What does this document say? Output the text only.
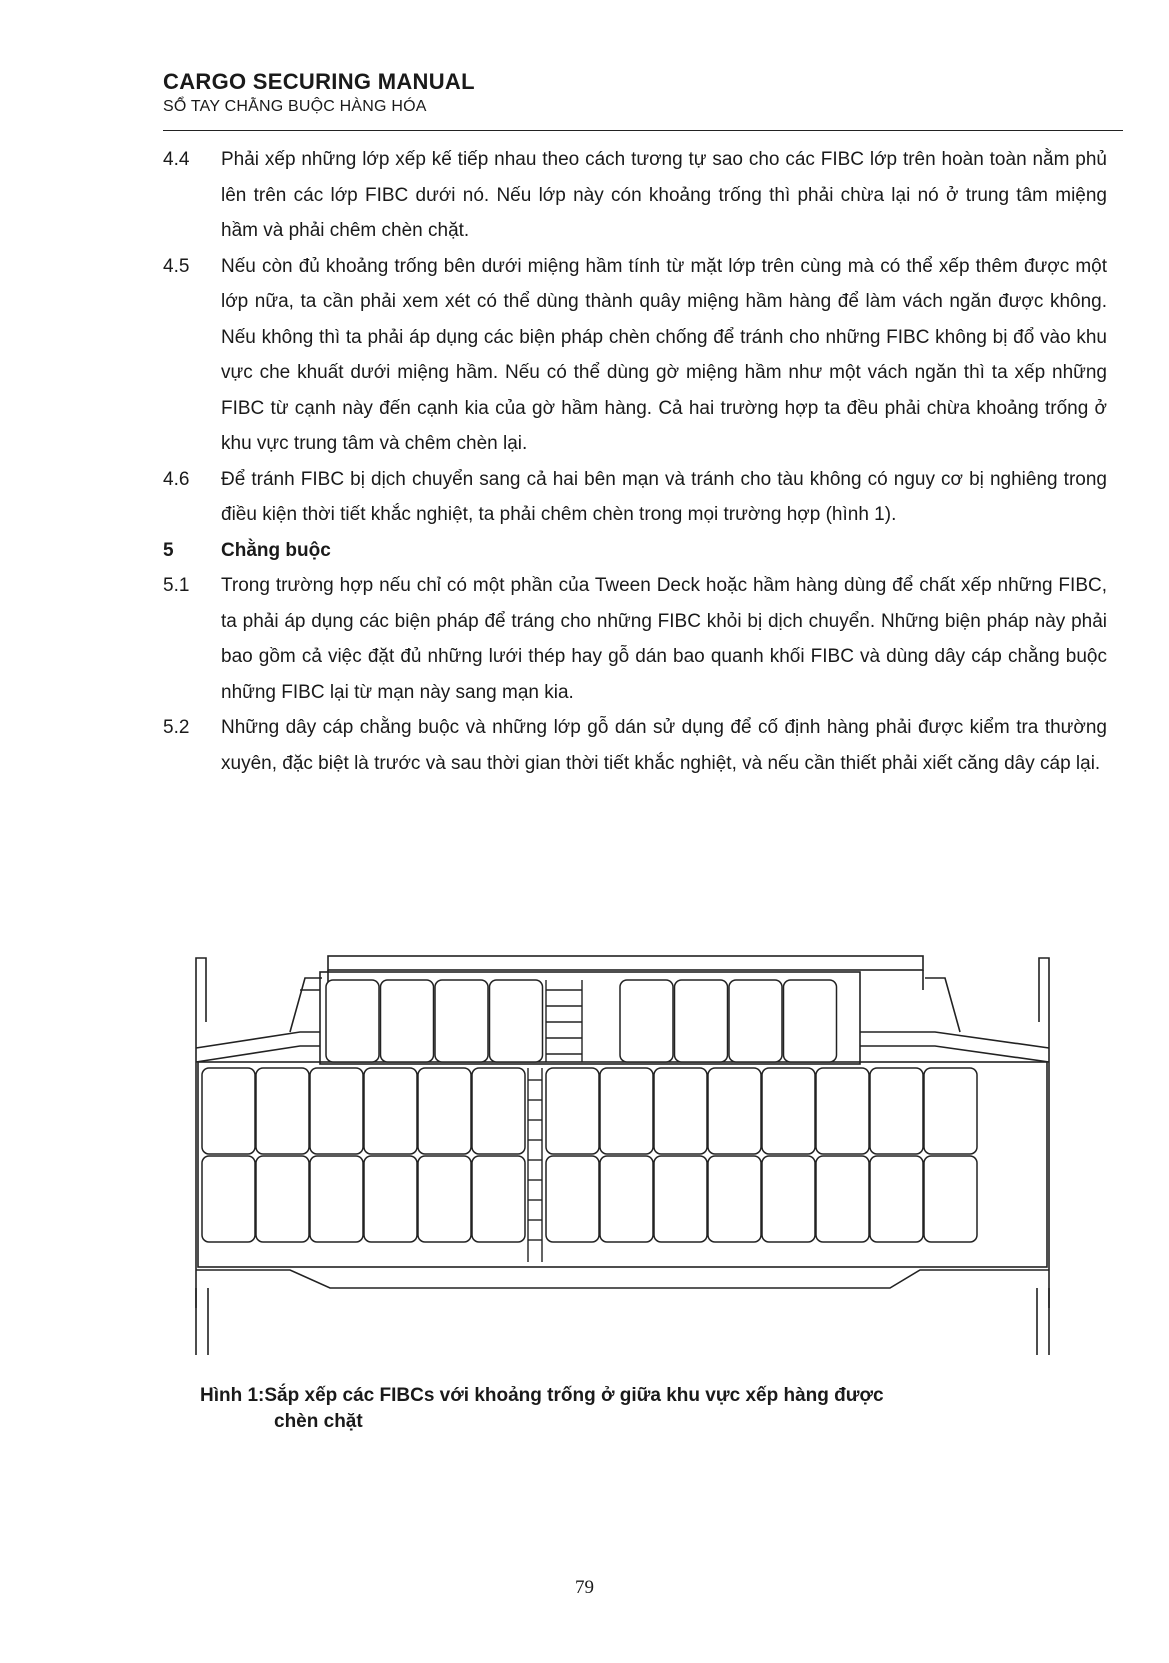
CARGO SECURING MANUAL
SỔ TAY CHẰNG BUỘC HÀNG HÓA

4.4 Phải xếp những lớp xếp kế tiếp nhau theo cách tương tự sao cho các FIBC lớp trên hoàn toàn nằm phủ lên trên các lớp FIBC dưới nó. Nếu lớp này cón khoảng trống thì phải chừa lại nó ở trung tâm miệng hầm và phải chêm chèn chặt.

4.5 Nếu còn đủ khoảng trống bên dưới miệng hầm tính từ mặt lớp trên cùng mà có thể xếp thêm được một lớp nữa, ta cần phải xem xét có thể dùng thành quây miệng hầm hàng để làm vách ngăn được không. Nếu không thì ta phải áp dụng các biện pháp chèn chống để tránh cho những FIBC không bị đổ vào khu vực che khuất dưới miệng hầm. Nếu có thể dùng gờ miệng hầm như một vách ngăn thì ta xếp những FIBC từ cạnh này đến cạnh kia của gờ hầm hàng. Cả hai trường hợp ta đều phải chừa khoảng trống ở khu vực trung tâm và chêm chèn lại.

4.6 Để tránh FIBC bị dịch chuyển sang cả hai bên mạn và tránh cho tàu không có nguy cơ bị nghiêng trong điều kiện thời tiết khắc nghiệt, ta phải chêm chèn trong mọi trường hợp (hình 1).

5 Chằng buộc

5.1 Trong trường hợp nếu chỉ có một phần của Tween Deck hoặc hầm hàng dùng để chất xếp những FIBC, ta phải áp dụng các biện pháp để tráng cho những FIBC khỏi bị dịch chuyển. Những biện pháp này phải bao gồm cả việc đặt đủ những lưới thép hay gỗ dán bao quanh khối FIBC và dùng dây cáp chằng buộc những FIBC lại từ mạn này sang mạn kia.

5.2 Những dây cáp chằng buộc và những lớp gỗ dán sử dụng để cố định hàng phải được kiểm tra thường xuyên, đặc biệt là trước và sau thời gian thời tiết khắc nghiệt, và nếu cần thiết phải xiết căng dây cáp lại.

Hình 1:Sắp xếp các FIBCs với khoảng trống ở giữa khu vực xếp hàng được
chèn chặt
79
